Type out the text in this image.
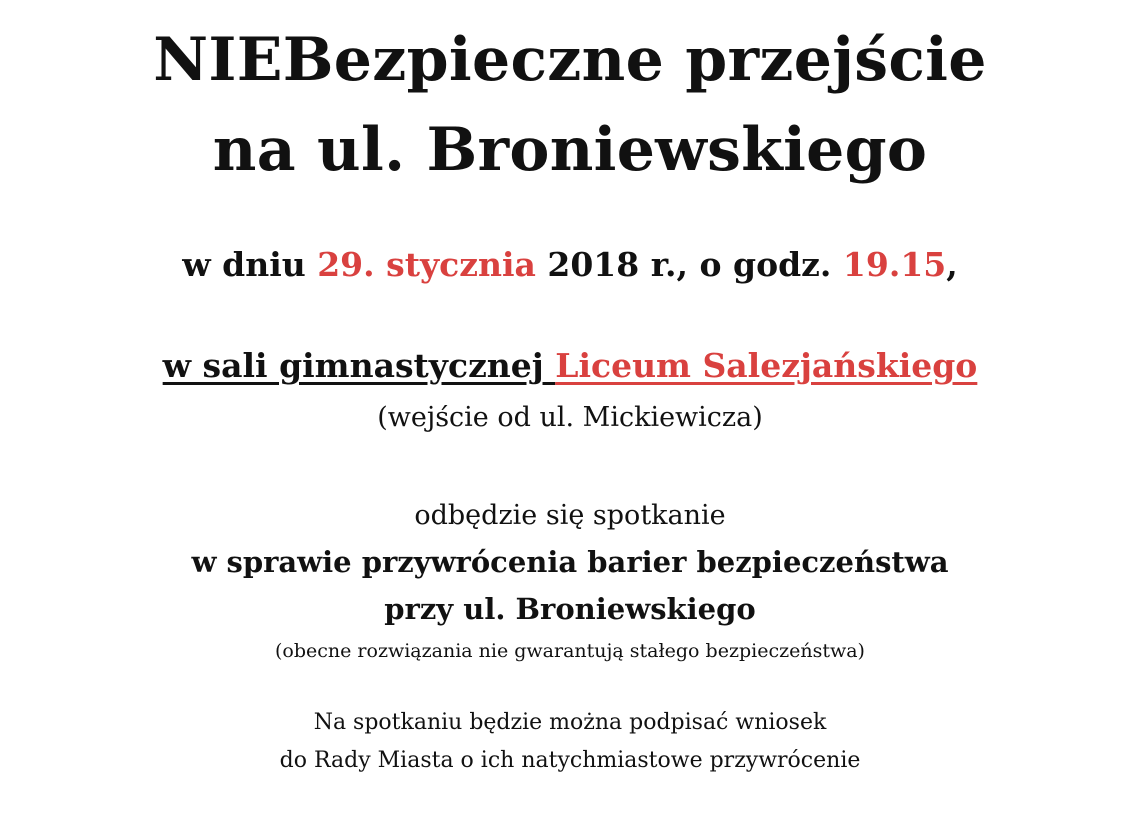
NIEBezpieczne przejście
na ul. Broniewskiego
w dniu 29. stycznia 2018 r., o godz. 19.15,
w sali gimnastycznej Liceum Salezjańskiego
(wejście od ul. Mickiewicza)
odbędzie się spotkanie
w sprawie przywrócenia barier bezpieczeństwa
przy ul. Broniewskiego
(obecne rozwiązania nie gwarantują stałego bezpieczeństwa)
Na spotkaniu będzie można podpisać wniosek
do Rady Miasta o ich natychmiastowe przywrócenie
